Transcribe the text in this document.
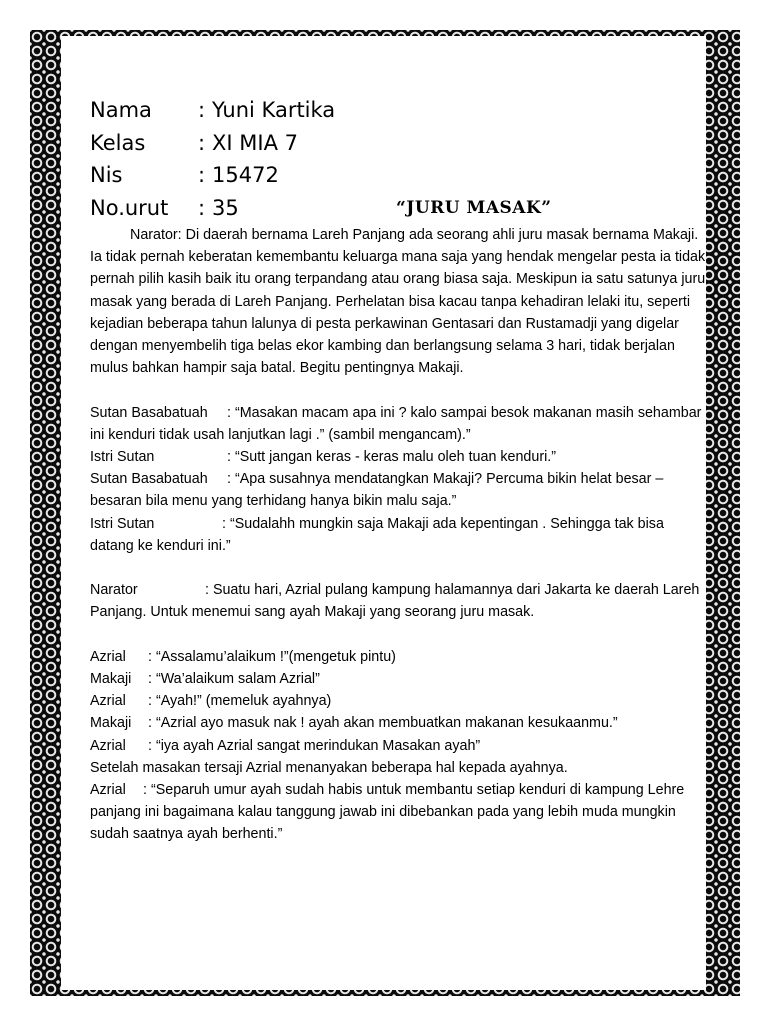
Nama : Yuni Kartika
Kelas	: XI MIA 7
Nis	: 15472
No.urut : 35	“JURU MASAK”

Narator: Di daerah bernama Lareh Panjang ada seorang ahli juru masak bernama Makaji. Ia tidak pernah keberatan kemembantu keluarga mana saja yang hendak mengelar pesta ia tidak pernah pilih kasih baik itu orang terpandang atau orang biasa saja. Meskipun ia satu satunya juru masak yang berada di Lareh Panjang. Perhelatan bisa kacau tanpa kehadiran lelaki itu, seperti kejadian beberapa tahun lalunya di pesta perkawinan Gentasari dan Rustamadji yang digelar dengan menyembelih tiga belas ekor kambing dan berlangsung selama 3 hari, tidak berjalan mulus bahkan hampir saja batal. Begitu pentingnya Makaji.

Sutan Basabatuah : “Masakan macam apa ini ? kalo sampai besok makanan masih sehambar ini kenduri tidak usah lanjutkan lagi .” (sambil mengancam).”

Istri Sutan	: “Sutt jangan keras - keras malu oleh tuan kenduri.”

Sutan Basabatuah : “Apa susahnya mendatangkan Makaji? Percuma bikin helat besar – besaran bila menu yang terhidang hanya bikin malu saja.”

Istri Sutan	: “Sudalahh mungkin saja Makaji ada kepentingan . Sehingga tak bisa datang ke kenduri ini.”

Narator	: Suatu hari, Azrial pulang kampung halamannya dari Jakarta ke daerah Lareh Panjang. Untuk menemui sang ayah Makaji yang seorang juru masak.

Azrial : “Assalamu’alaikum !”(mengetuk pintu)

Makaji : “Wa’alaikum salam Azrial”

Azrial : “Ayah!” (memeluk ayahnya)

Makaji : “Azrial ayo masuk nak ! ayah akan membuatkan makanan kesukaanmu.”

Azrial : “iya ayah Azrial sangat merindukan Masakan ayah”

Setelah masakan tersaji Azrial menanyakan beberapa hal kepada ayahnya.

Azrial : “Separuh umur ayah sudah habis untuk membantu setiap kenduri di kampung Lehre panjang ini bagaimana kalau tanggung jawab ini dibebankan pada yang lebih muda mungkin sudah saatnya ayah berhenti.”
